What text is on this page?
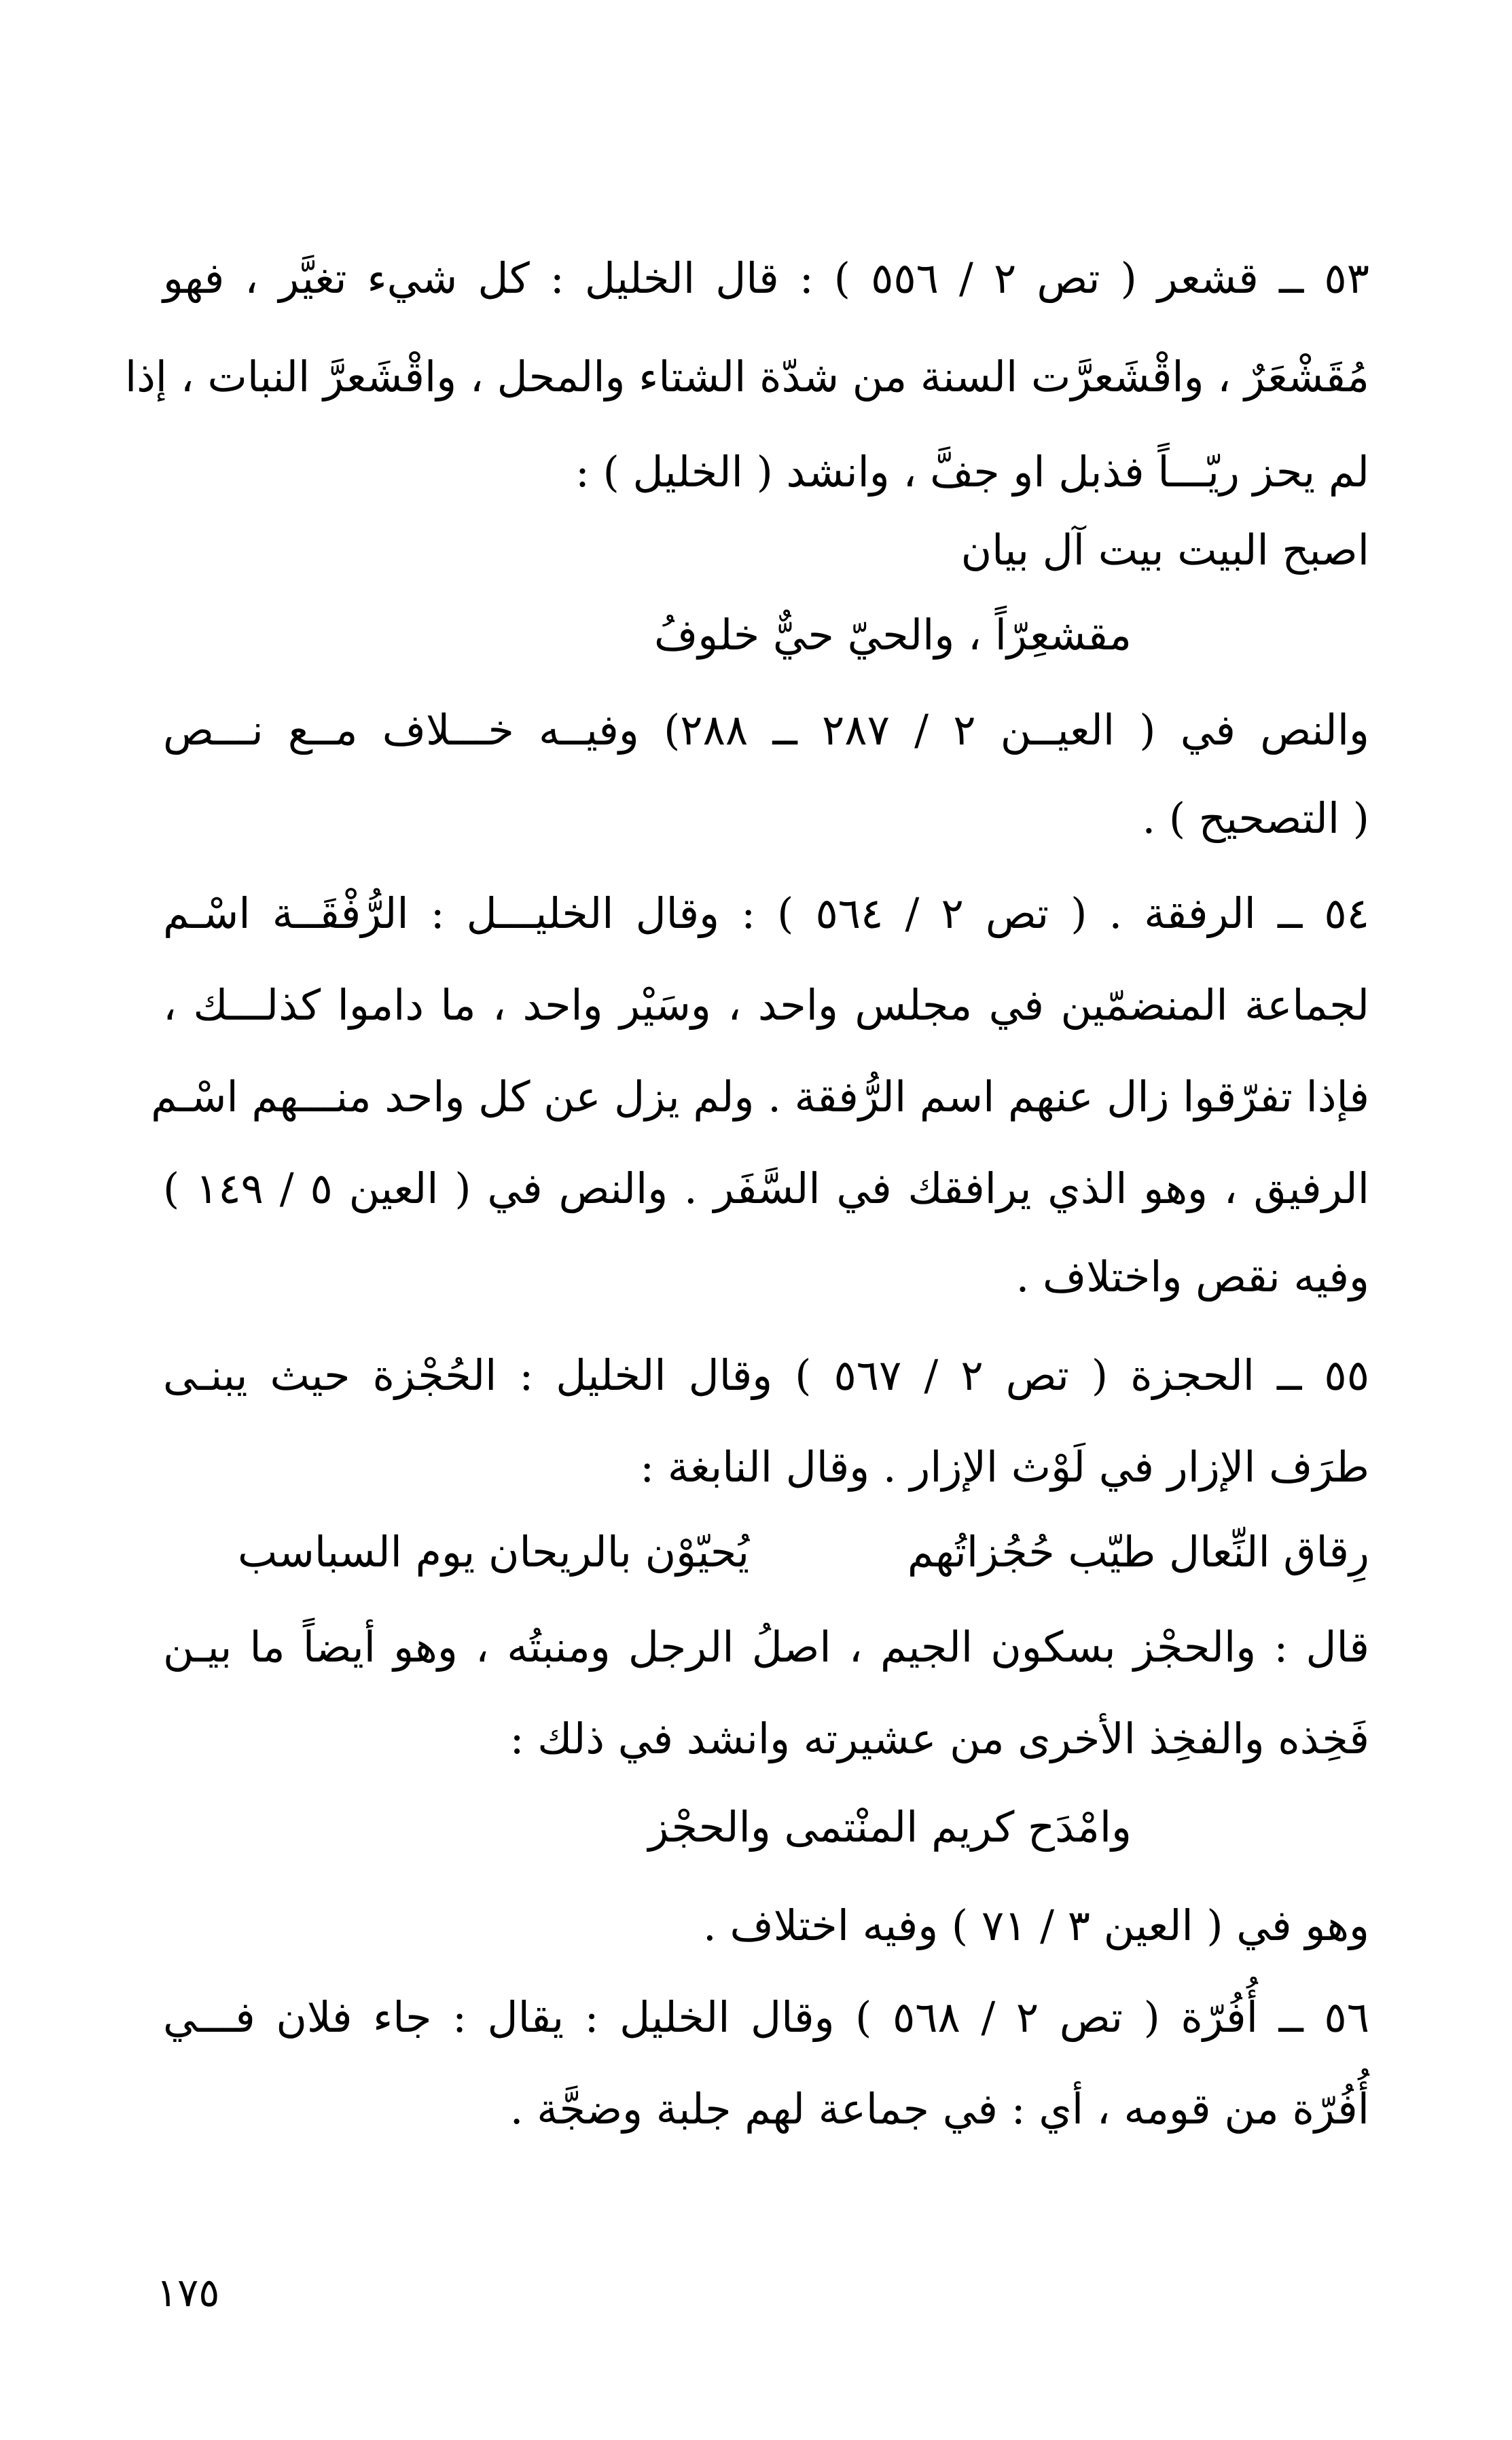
٥٣ ــ قشعر ( تص ٢ / ٥٥٦ ) : قال الخليل : كل شيء تغيَّر ، فهو
مُقَشْعَرٌ ، واقْشَعرَّت السنة من شدّة الشتاء والمحل ، واقْشَعرَّ النبات ، إذا
لم يحز ريّـــاً فذبل او جفَّ ، وانشد ( الخليل ) :
اصبح البيت بيت آل بيان
مقشعِرّاً ، والحيّ حيٌّ خلوفُ
والنص في ( العيــن ٢ / ٢٨٧ ــ ٢٨٨) وفيــه خـــلاف مــع نـــص
( التصحيح ) .
٥٤ ــ الرفقة . ( تص ٢ / ٥٦٤ ) : وقال الخليـــل : الرُّفْقَــة اسْـم
لجماعة المنضمّين في مجلس واحد ، وسَيْر واحد ، ما داموا كذلـــك ،
فإذا تفرّقوا زال عنهم اسم الرُّفقة . ولم يزل عن كل واحد منـــهم اسْـم
الرفيق ، وهو الذي يرافقك في السَّفَر . والنص في ( العين ٥ / ١٤٩ )
وفيه نقص واختلاف .
٥٥ ــ الحجزة ( تص ٢ / ٥٦٧ ) وقال الخليل : الحُجْزة حيث يبنـى
طرَف الإزار في لَوْث الإزار . وقال النابغة :
رِقاق النِّعال طيّب حُجُزاتُهم
يُحيّوْن بالريحان يوم السباسب
قال : والحجْز بسكون الجيم ، اصلُ الرجل ومنبتُه ، وهو أيضاً ما بيـن
فَخِذه والفخِذ الأخرى من عشيرته وانشد في ذلك :
وامْدَح كريم المنْتمى والحجْز
وهو في ( العين ٣ / ٧١ ) وفيه اختلاف .
٥٦ ــ أُفُرّة ( تص ٢ / ٥٦٨ ) وقال الخليل : يقال : جاء فلان فـــي
أُفُرّة من قومه ، أي : في جماعة لهم جلبة وضجَّة .
١٧٥
